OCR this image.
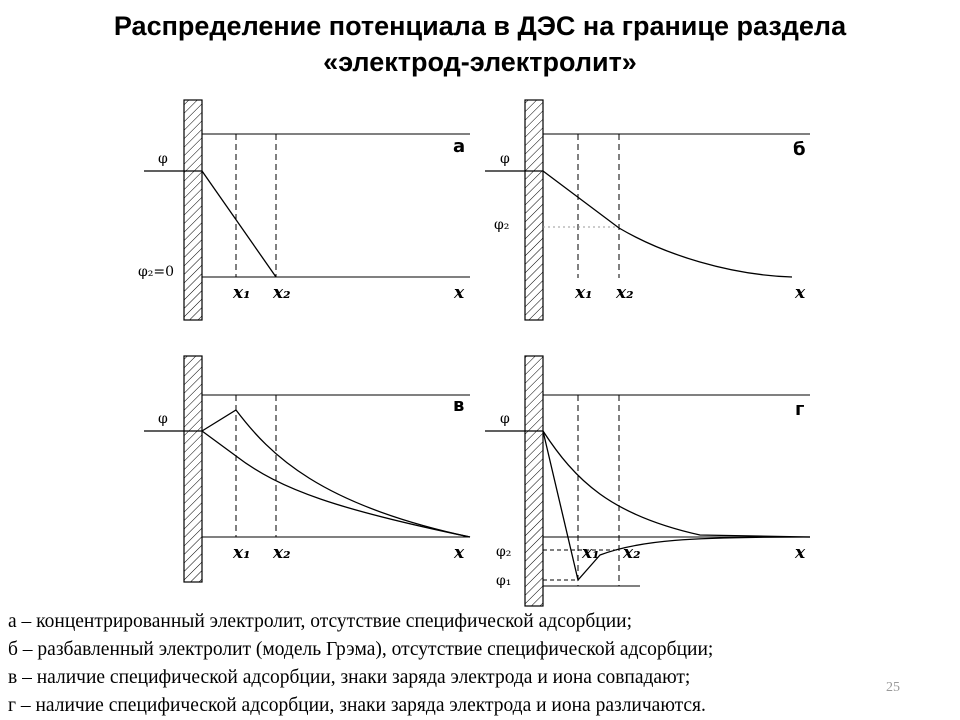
Распределение потенциала в ДЭС на границе раздела
«электрод-электролит»
а
φ
φ₂=0
x₁ x₂	x
б
φ
φ₂
x₁ x₂	x
в
φ
x₁ x₂	x
г
φ
φ₂
φ₁
x₁ x₂	x
а – концентрированный электролит, отсутствие специфической адсорбции;
б – разбавленный электролит (модель Грэма), отсутствие специфической адсорбции;
в – наличие специфической адсорбции, знаки заряда электрода и иона совпадают;
г – наличие специфической адсорбции, знаки заряда электрода и иона различаются.
25
